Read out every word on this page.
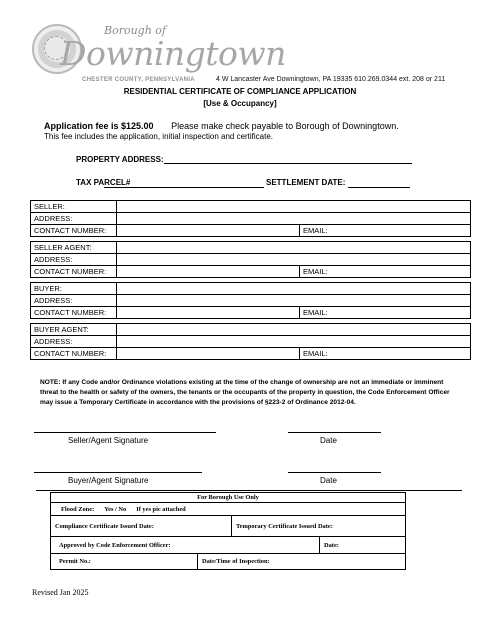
Borough of
Downingtown
CHESTER COUNTY, PENNSYLVANIA	4 W Lancaster Ave Downingtown, PA 19335 610.269.0344 ext. 208 or 211
RESIDENTIAL CERTIFICATE OF COMPLIANCE APPLICATION
[Use & Occupancy]
Application fee is $125.00 Please make check payable to Borough of Downingtown.
This fee includes the application, initial inspection and certificate.
PROPERTY ADDRESS:
TAX PARCEL#	SETTLEMENT DATE:
SELLER:		
ADDRESS:		
CONTACT NUMBER:		EMAIL:

SELLER AGENT:		
ADDRESS:		
CONTACT NUMBER:		EMAIL:

BUYER:		
ADDRESS:		
CONTACT NUMBER:		EMAIL:

BUYER AGENT:		
ADDRESS:		
CONTACT NUMBER:		EMAIL:
NOTE: If any Code and/or Ordinance violations existing at the time of the change of ownership are not an immediate or imminent threat to the health or safety of the owners, the tenants or the occupants of the property in question, the Code Enforcement Officer may issue a Temporary Certificate in accordance with the provisions of §223-2 of Ordinance 2012-04.
Seller/Agent Signature	Date
Buyer/Agent Signature	Date
For Borough Use Only
Flood Zone:	Yes / No	If yes pic attached
Compliance Certificate Issued Date:	Temporary Certificate Issued Date:
Approved by Code Enforcement Officer:	Date:
Permit No.:	Date/Time of Inspection:
Revised Jan 2025
